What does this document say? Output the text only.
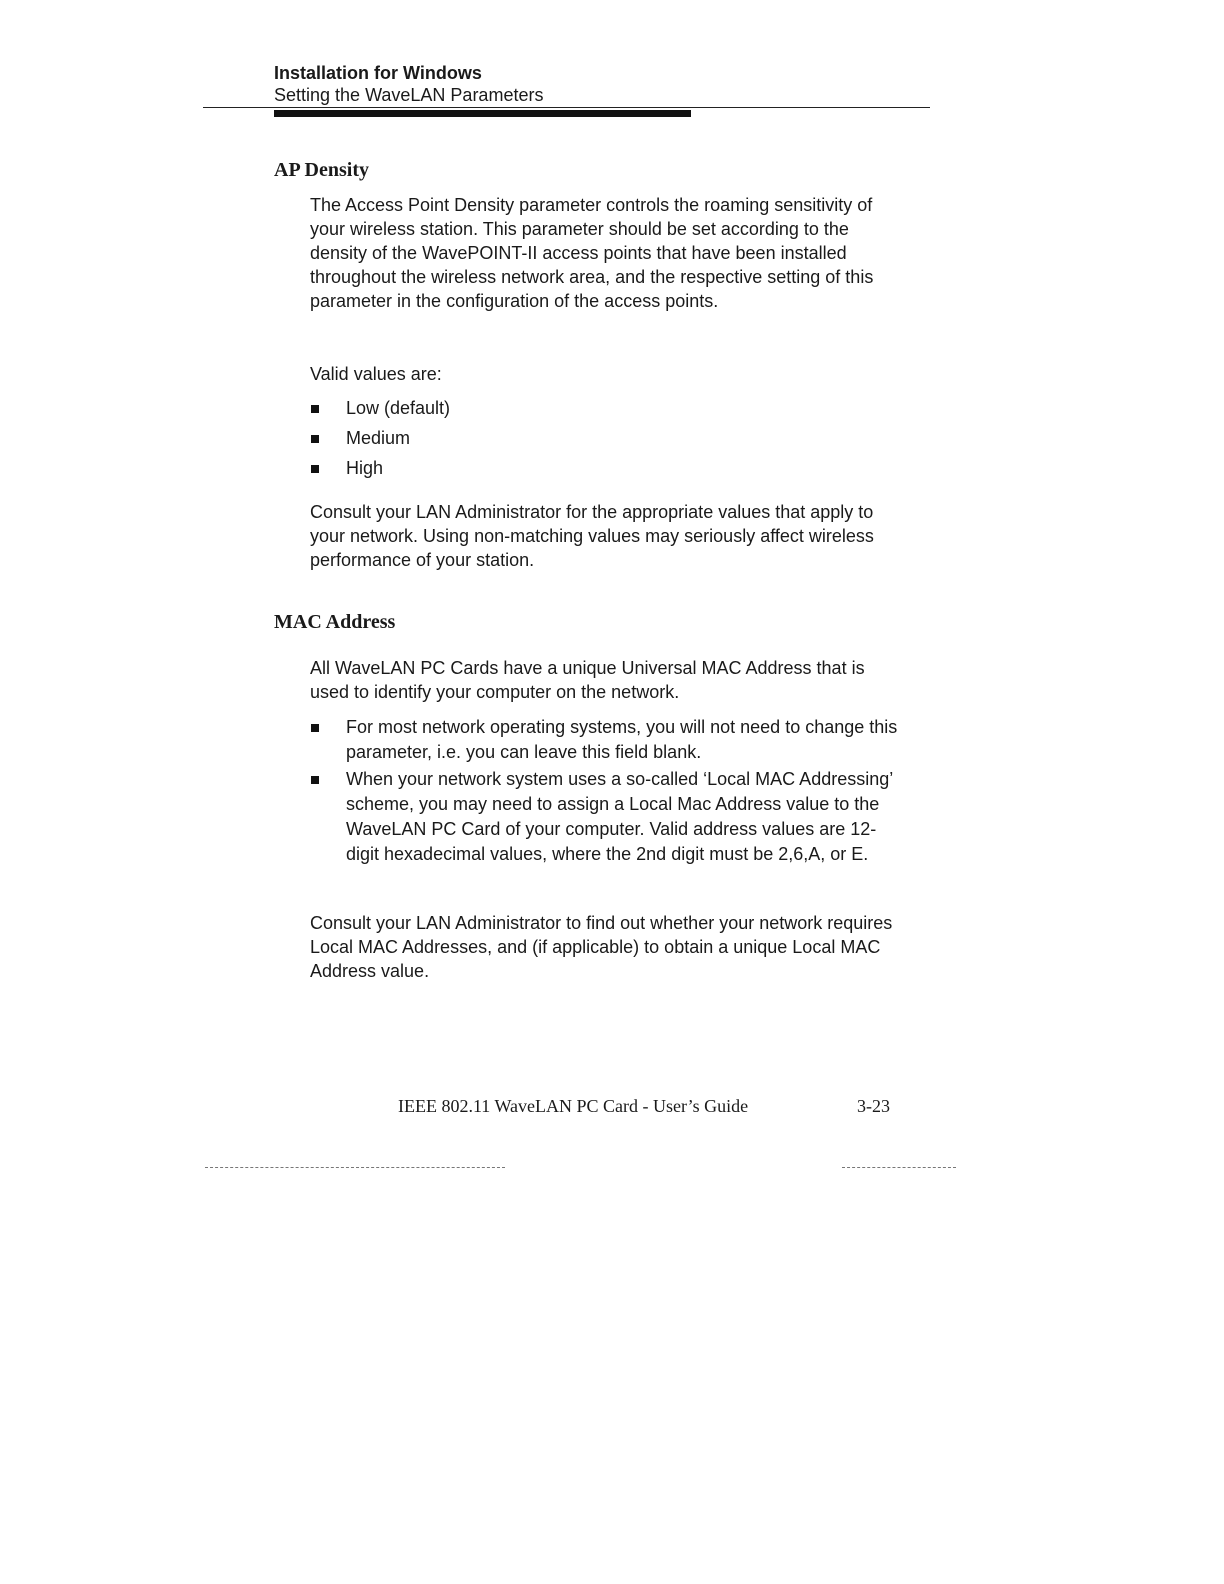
Installation for Windows

Setting the WaveLAN Parameters

AP Density

The Access Point Density parameter controls the roaming sensitivity of your wireless station. This parameter should be set according to the density of the WavePOINT-II access points that have been installed throughout the wireless network area, and the respective setting of this parameter in the configuration of the access points.

Valid values are:

Low (default)
Medium
High

Consult your LAN Administrator for the appropriate values that apply to your network. Using non-matching values may seriously affect wireless performance of your station.

MAC Address

All WaveLAN PC Cards have a unique Universal MAC Address that is used to identify your computer on the network.

For most network operating systems, you will not need to change this parameter, i.e. you can leave this field blank.
When your network system uses a so-called ‘Local MAC Addressing’ scheme, you may need to assign a Local Mac Address value to the WaveLAN PC Card of your computer. Valid address values are 12-digit hexadecimal values, where the 2nd digit must be 2,6,A, or E.

Consult your LAN Administrator to find out whether your network requires Local MAC Addresses, and (if applicable) to obtain a unique Local MAC Address value.

IEEE 802.11 WaveLAN PC Card - User’s Guide	3-23
